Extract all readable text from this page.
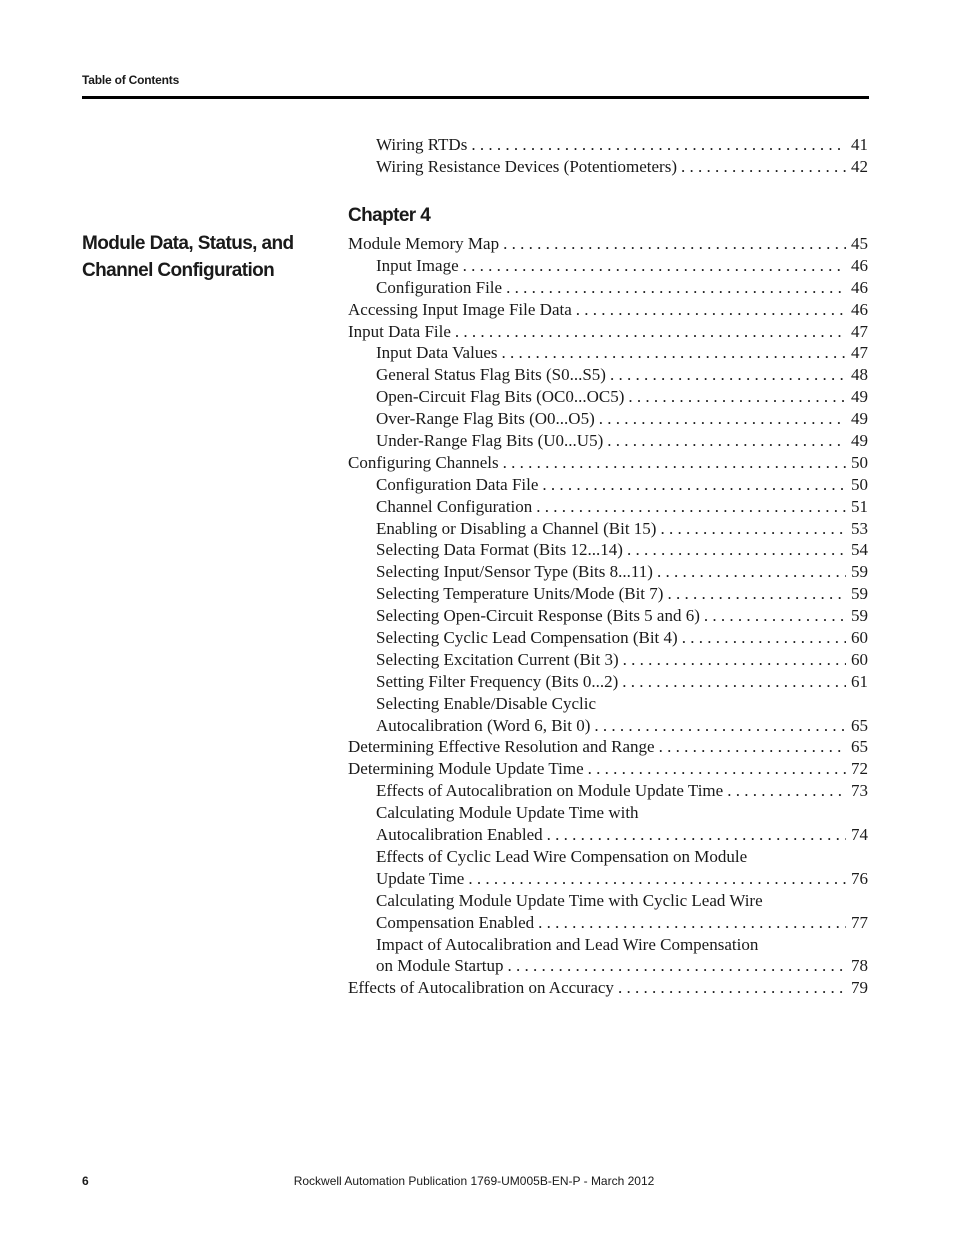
Table of Contents
Wiring RTDs . . .	41
Wiring Resistance Devices (Potentiometers) . . .	42
Chapter 4
Module Data, Status, and Channel Configuration
Module Memory Map . . .	45
Input Image . . .	46
Configuration File . . .	46
Accessing Input Image File Data . . .	46
Input Data File . . .	47
Input Data Values . . .	47
General Status Flag Bits (S0...S5) . . .	48
Open-Circuit Flag Bits (OC0...OC5) . . .	49
Over-Range Flag Bits (O0...O5) . . .	49
Under-Range Flag Bits (U0...U5) . . .	49
Configuring Channels . . .	50
Configuration Data File . . .	50
Channel Configuration . . .	51
Enabling or Disabling a Channel (Bit 15) . . .	53
Selecting Data Format (Bits 12...14) . . .	54
Selecting Input/Sensor Type (Bits 8...11) . . .	59
Selecting Temperature Units/Mode (Bit 7) . . .	59
Selecting Open-Circuit Response (Bits 5 and 6) . . .	59
Selecting Cyclic Lead Compensation (Bit 4) . . .	60
Selecting Excitation Current (Bit 3) . . .	60
Setting Filter Frequency (Bits 0...2) . . .	61
Selecting Enable/Disable Cyclic
Autocalibration (Word 6, Bit 0) . . .	65
Determining Effective Resolution and Range . . .	65
Determining Module Update Time . . .	72
Effects of Autocalibration on Module Update Time . . .	73
Calculating Module Update Time with
Autocalibration Enabled . . .	74
Effects of Cyclic Lead Wire Compensation on Module
Update Time . . .	76
Calculating Module Update Time with Cyclic Lead Wire
Compensation Enabled . . .	77
Impact of Autocalibration and Lead Wire Compensation
on Module Startup . . .	78
Effects of Autocalibration on Accuracy . . .	79
6	Rockwell Automation Publication 1769-UM005B-EN-P - March 2012
